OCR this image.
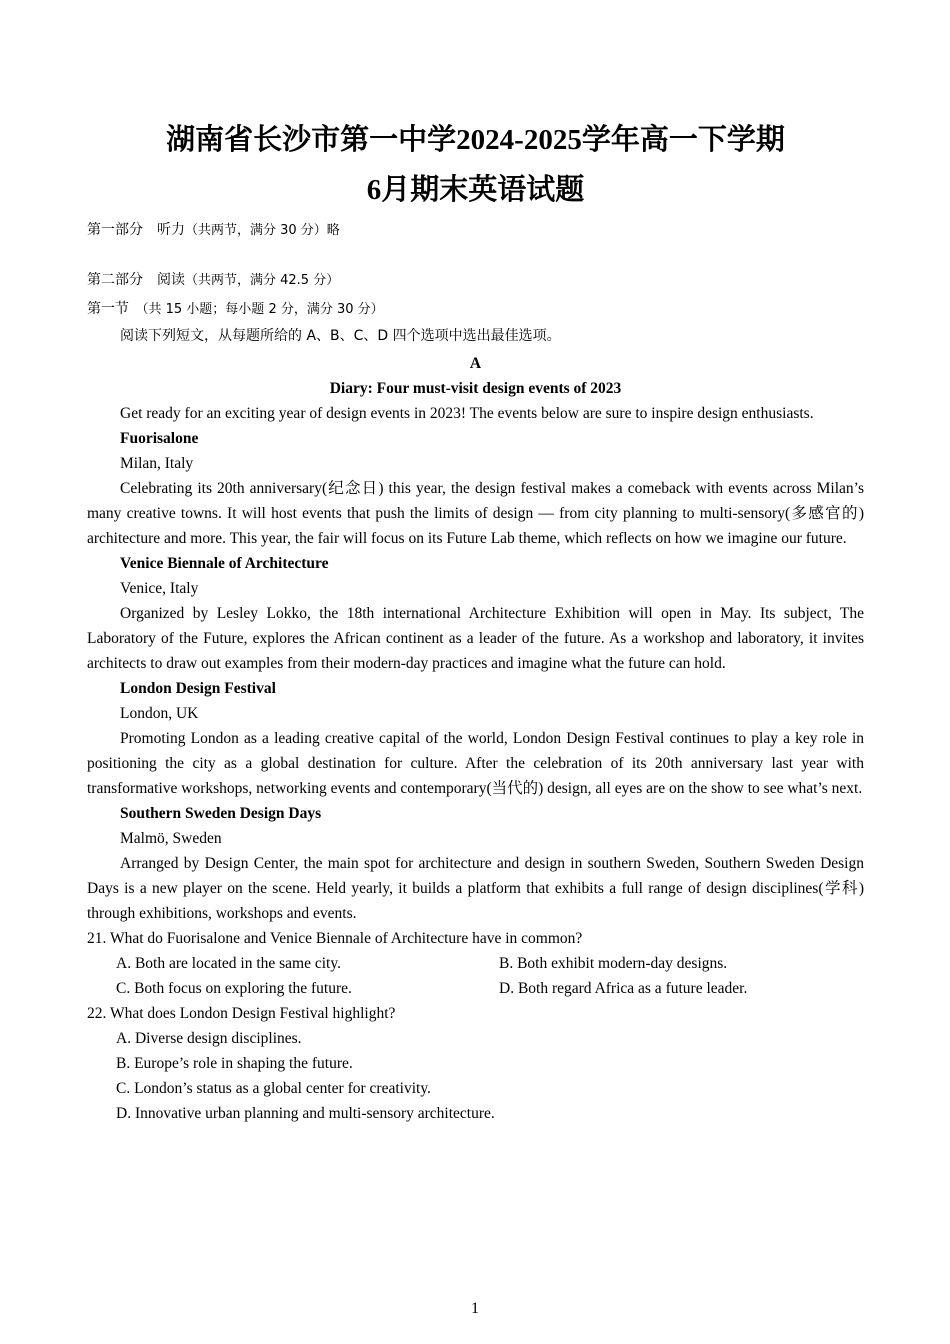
湖南省长沙市第一中学2024-2025学年高一下学期
6月期末英语试题

第一部分　听力（共两节，满分 30 分）略

第二部分　阅读（共两节，满分 42.5 分）

第一节　（共 15 小题；每小题 2 分，满分 30 分）

阅读下列短文，从每题所给的 A、B、C、D 四个选项中选出最佳选项。

A

Diary: Four must-visit design events of 2023

Get ready for an exciting year of design events in 2023! The events below are sure to inspire design enthusiasts.

Fuorisalone

Milan, Italy

Celebrating its 20th anniversary(纪念日) this year, the design festival makes a comeback with events across Milan’s many creative towns. It will host events that push the limits of design — from city planning to multi-sensory(多感官的) architecture and more. This year, the fair will focus on its Future Lab theme, which reflects on how we imagine our future.

Venice Biennale of Architecture

Venice, Italy

Organized by Lesley Lokko, the 18th international Architecture Exhibition will open in May. Its subject, The Laboratory of the Future, explores the African continent as a leader of the future. As a workshop and laboratory, it invites architects to draw out examples from their modern-day practices and imagine what the future can hold.

London Design Festival

London, UK

Promoting London as a leading creative capital of the world, London Design Festival continues to play a key role in positioning the city as a global destination for culture. After the celebration of its 20th anniversary last year with transformative workshops, networking events and contemporary(当代的) design, all eyes are on the show to see what’s next.

Southern Sweden Design Days

Malmö, Sweden

Arranged by Design Center, the main spot for architecture and design in southern Sweden, Southern Sweden Design Days is a new player on the scene. Held yearly, it builds a platform that exhibits a full range of design disciplines(学科) through exhibitions, workshops and events.

21. What do Fuorisalone and Venice Biennale of Architecture have in common?

A. Both are located in the same city.	B. Both exhibit modern-day designs.
C. Both focus on exploring the future.	D. Both regard Africa as a future leader.

22. What does London Design Festival highlight?

A. Diverse design disciplines.

B. Europe’s role in shaping the future.

C. London’s status as a global center for creativity.

D. Innovative urban planning and multi-sensory architecture.

1
